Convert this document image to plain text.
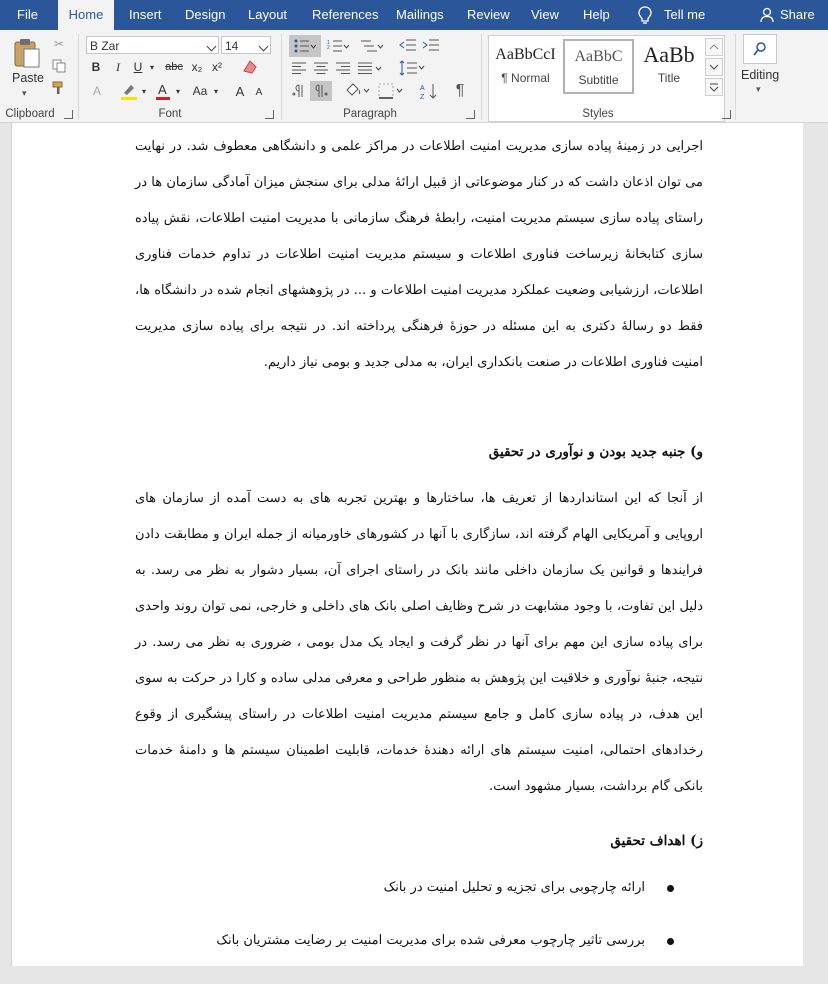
File	Home	Insert Design Layout References Mailings Review View Help	Tell me	Share
Paste
▾
✂
Clipboard
B Zar	14
B	I	U ▾ abc x₂ x²
A	▾ A ▾	Aa ▾ A	A
Font
1
2
A
Z	¶
Paragraph
AaBbCcI
¶ Normal
AaBbC
Subtitle
AaBb
Title
Styles
Editing
▾
اجرایی در زمینهٔ پیاده سازی مدیریت امنیت اطلاعات در مراکز علمی و دانشگاهی معطوف شد. در نهایت می توان اذعان داشت که در کنار موضوعاتی از قبیل ارائهٔ مدلی برای سنجش میزان آمادگی سازمان ها در راستای پیاده سازی سیستم مدیریت امنیت، رابطهٔ فرهنگ سازمانی با مدیریت امنیت اطلاعات، نقش پیاده سازی کتابخانهٔ زیرساخت فناوری اطلاعات و سیستم مدیریت امنیت اطلاعات در تداوم خدمات فناوری اطلاعات، ارزشیابی وضعیت عملکرد مدیریت امنیت اطلاعات و ... در پژوهشهای انجام شده در دانشگاه ها، فقط دو رسالهٔ دکتری به این مسئله در حوزهٔ فرهنگی پرداخته اند. در نتیجه برای پیاده سازی مدیریت امنیت فناوری اطلاعات در صنعت بانکداری ایران، به مدلی جدید و بومی نیاز داریم.
و) جنبه جدید بودن و نوآوری در تحقیق
از آنجا که این استانداردها از تعریف ها، ساختارها و بهترین تجربه های به دست آمده از سازمان های اروپایی و آمریکایی الهام گرفته اند، سازگاری با آنها در کشورهای خاورمیانه از جمله ایران و مطابقت دادن فرایندها و قوانین یک سازمان داخلی مانند بانک در راستای اجرای آن، بسیار دشوار به نظر می رسد. به دلیل این تفاوت، با وجود مشابهت در شرح وظایف اصلی بانک های داخلی و خارجی، نمی توان روند واحدی برای پیاده سازی این مهم برای آنها در نظر گرفت و ایجاد یک مدل بومی ، ضروری به نظر می رسد. در نتیجه، جنبهٔ نوآوری و خلاقیت این پژوهش به منظور طراحی و معرفی مدلی ساده و کارا در حرکت به سوی این هدف، در پیاده سازی کامل و جامع سیستم مدیریت امنیت اطلاعات در راستای پیشگیری از وقوع رخدادهای احتمالی، امنیت سیستم های ارائه دهندهٔ خدمات، قابلیت اطمینان سیستم ها و دامنهٔ خدمات بانکی گام برداشت، بسیار مشهود است.
ز) اهداف تحقیق
ارائه چارچوبی برای تجزیه و تحلیل امنیت در بانک
بررسی تاثیر چارچوب معرفی شده برای مدیریت امنیت بر رضایت مشتریان بانک
